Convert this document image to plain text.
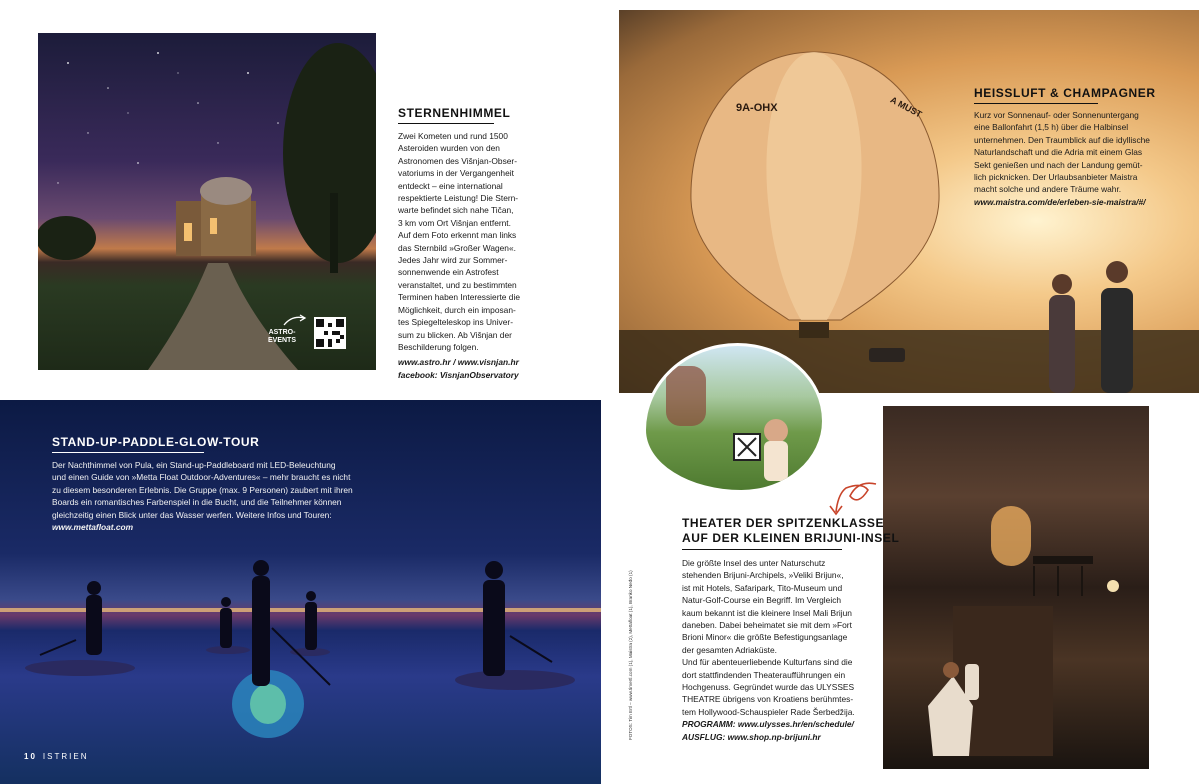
ASTRO-
EVENTS
STERNENHIMMEL

Zwei Kometen und rund 1500

Asteroiden wurden von den

Astronomen des Višnjan-Obser-

vatoriums in der Vergangenheit

entdeckt – eine international

respektierte Leistung! Die Stern-

warte befindet sich nahe Tičan,

3 km vom Ort Višnjan entfernt.

Auf dem Foto erkennt man links

das Sternbild »Großer Wagen«.

Jedes Jahr wird zur Sommer-

sonnenwende ein Astrofest

veranstaltet, und zu bestimmten

Terminen haben Interessierte die

Möglichkeit, durch ein imposan-

tes Spiegelteleskop ins Univer-

sum zu blicken. Ab Višnjan der

Beschilderung folgen.

www.astro.hr / www.visnjan.hr

facebook: VisnjanObservatory

9A-OHX	A MUST
HEISSLUFT & CHAMPAGNER

Kurz vor Sonnenauf- oder Sonnenuntergang

eine Ballonfahrt (1,5 h) über die Halbinsel

unternehmen. Den Traumblick auf die idyllische

Naturlandschaft und die Adria mit einem Glas

Sekt genießen und nach der Landung gemüt-

lich picknicken. Der Urlaubsanbieter Maistra

macht solche und andere Träume wahr.

www.maistra.com/de/erleben-sie-maistra/#/

STAND-UP-PADDLE-GLOW-TOUR

Der Nachthimmel von Pula, ein Stand-up-Paddleboard mit LED-Beleuchtung

und einen Guide von »Metta Float Outdoor-Adventures« – mehr braucht es nicht

zu diesem besonderen Erlebnis. Die Gruppe (max. 9 Personen) zaubert mit ihren

Boards ein romantisches Farbenspiel in die Bucht, und die Teilnehmer können

gleichzeitig einen Blick unter das Wasser werfen. Weitere Infos und Touren:

www.mettafloat.com

10 ISTRIEN
THEATER DER SPITZENKLASSE
AUF DER KLEINEN BRIJUNI-INSEL

Die größte Insel des unter Naturschutz

stehenden Brijuni-Archipels, »Veliki Brijun«,

ist mit Hotels, Safaripark, Tito-Museum und

Natur-Golf-Course ein Begriff. Im Vergleich

kaum bekannt ist die kleinere Insel Mali Brijun

daneben. Dabei beheimatet sie mit dem »Fort

Brioni Minor« die größte Befestigungsanlage

der gesamten Adriaküste.

Und für abenteuerliebende Kulturfans sind die

dort stattfindenden Theateraufführungen ein

Hochgenuss. Gegründet wurde das ULYSSES

THEATRE übrigens von Kroatiens berühmtes-

tem Hollywood-Schauspieler Rade Šerbedžija.

PROGRAMM: www.ulysses.hr/en/schedule/

AUSFLUG: www.shop.np-brijuni.hr

FOTOS: Tim Ertl – www.timertl.com (1), Maistra (2), Mettafloat (1), Branko Neđo (1)
